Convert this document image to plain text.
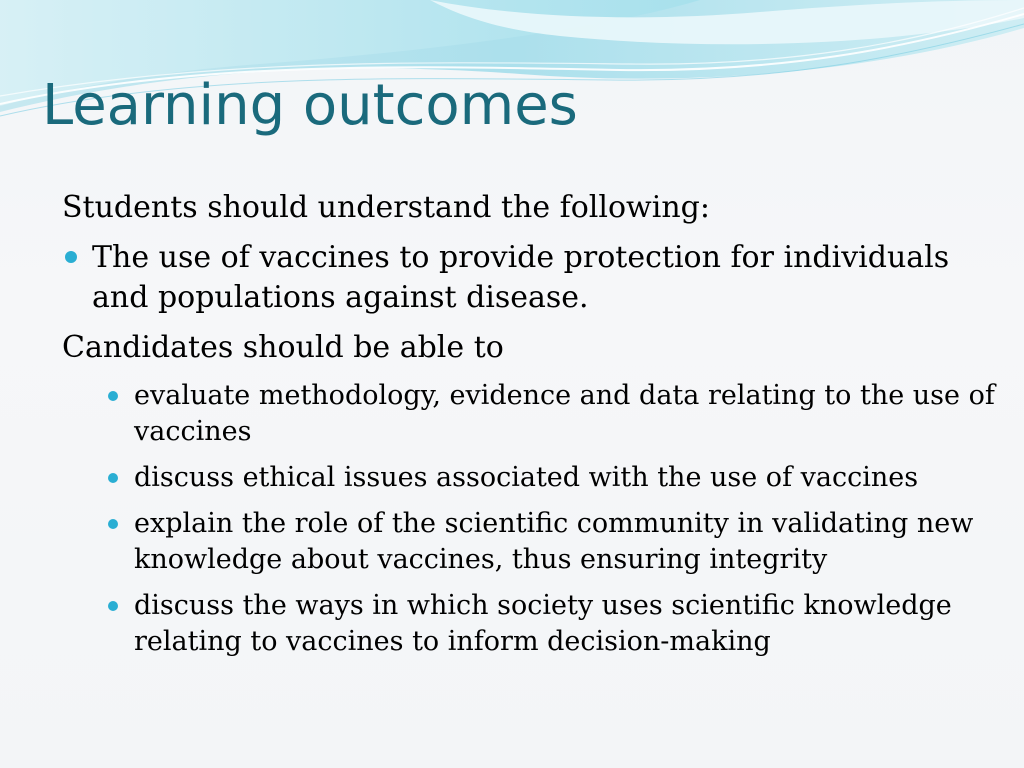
Learning outcomes

Students should understand the following:

The use of vaccines to provide protection for individuals and populations against disease.

Candidates should be able to

evaluate methodology, evidence and data relating to the use of vaccines
discuss ethical issues associated with the use of vaccines
explain the role of the scientific community in validating new knowledge about vaccines, thus ensuring integrity
discuss the ways in which society uses scientific knowledge relating to vaccines to inform decision-making
